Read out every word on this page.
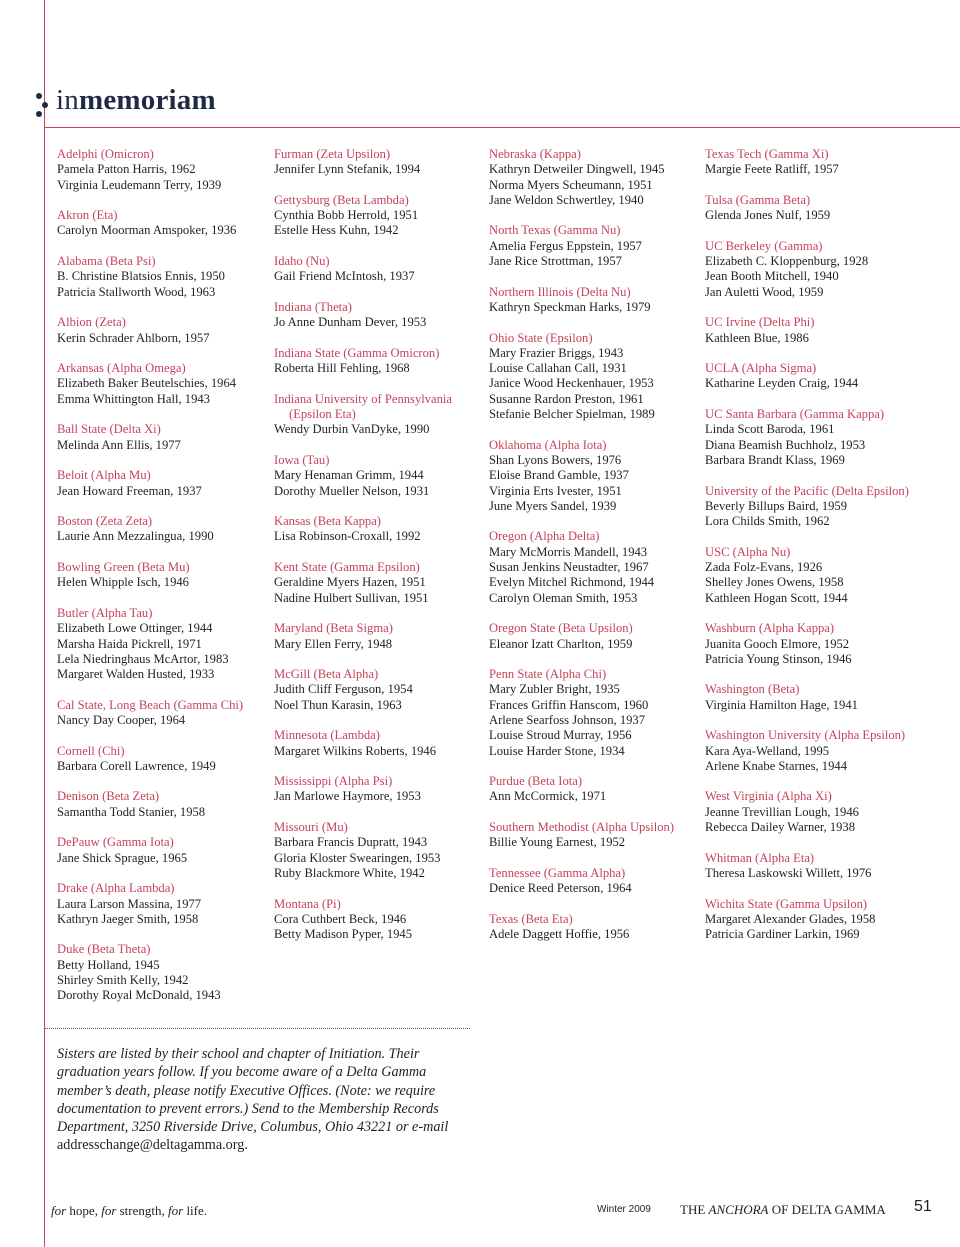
inmemoriam
Adelphi (Omicron)
Pamela Patton Harris, 1962
Virginia Leudemann Terry, 1939
Akron (Eta)
Carolyn Moorman Amspoker, 1936
Alabama (Beta Psi)
B. Christine Blatsios Ennis, 1950
Patricia Stallworth Wood, 1963
Albion (Zeta)
Kerin Schrader Ahlborn, 1957
Arkansas (Alpha Omega)
Elizabeth Baker Beutelschies, 1964
Emma Whittington Hall, 1943
Ball State (Delta Xi)
Melinda Ann Ellis, 1977
Beloit (Alpha Mu)
Jean Howard Freeman, 1937
Boston (Zeta Zeta)
Laurie Ann Mezzalingua, 1990
Bowling Green (Beta Mu)
Helen Whipple Isch, 1946
Butler (Alpha Tau)
Elizabeth Lowe Ottinger, 1944
Marsha Haida Pickrell, 1971
Lela Niedringhaus McArtor, 1983
Margaret Walden Husted, 1933
Cal State, Long Beach (Gamma Chi)
Nancy Day Cooper, 1964
Cornell (Chi)
Barbara Corell Lawrence, 1949
Denison (Beta Zeta)
Samantha Todd Stanier, 1958
DePauw (Gamma Iota)
Jane Shick Sprague, 1965
Drake (Alpha Lambda)
Laura Larson Massina, 1977
Kathryn Jaeger Smith, 1958
Duke (Beta Theta)
Betty Holland, 1945
Shirley Smith Kelly, 1942
Dorothy Royal McDonald, 1943
Furman (Zeta Upsilon)
Jennifer Lynn Stefanik, 1994
Gettysburg (Beta Lambda)
Cynthia Bobb Herrold, 1951
Estelle Hess Kuhn, 1942
Idaho (Nu)
Gail Friend McIntosh, 1937
Indiana (Theta)
Jo Anne Dunham Dever, 1953
Indiana State (Gamma Omicron)
Roberta Hill Fehling, 1968
Indiana University of Pennsylvania
(Epsilon Eta)
Wendy Durbin VanDyke, 1990
Iowa (Tau)
Mary Henaman Grimm, 1944
Dorothy Mueller Nelson, 1931
Kansas (Beta Kappa)
Lisa Robinson-Croxall, 1992
Kent State (Gamma Epsilon)
Geraldine Myers Hazen, 1951
Nadine Hulbert Sullivan, 1951
Maryland (Beta Sigma)
Mary Ellen Ferry, 1948
McGill (Beta Alpha)
Judith Cliff Ferguson, 1954
Noel Thun Karasin, 1963
Minnesota (Lambda)
Margaret Wilkins Roberts, 1946
Mississippi (Alpha Psi)
Jan Marlowe Haymore, 1953
Missouri (Mu)
Barbara Francis Dupratt, 1943
Gloria Kloster Swearingen, 1953
Ruby Blackmore White, 1942
Montana (Pi)
Cora Cuthbert Beck, 1946
Betty Madison Pyper, 1945
Nebraska (Kappa)
Kathryn Detweiler Dingwell, 1945
Norma Myers Scheumann, 1951
Jane Weldon Schwertley, 1940
North Texas (Gamma Nu)
Amelia Fergus Eppstein, 1957
Jane Rice Strottman, 1957
Northern Illinois (Delta Nu)
Kathryn Speckman Harks, 1979
Ohio State (Epsilon)
Mary Frazier Briggs, 1943
Louise Callahan Call, 1931
Janice Wood Heckenhauer, 1953
Susanne Rardon Preston, 1961
Stefanie Belcher Spielman, 1989
Oklahoma (Alpha Iota)
Shan Lyons Bowers, 1976
Eloise Brand Gamble, 1937
Virginia Erts Ivester, 1951
June Myers Sandel, 1939
Oregon (Alpha Delta)
Mary McMorris Mandell, 1943
Susan Jenkins Neustadter, 1967
Evelyn Mitchel Richmond, 1944
Carolyn Oleman Smith, 1953
Oregon State (Beta Upsilon)
Eleanor Izatt Charlton, 1959
Penn State (Alpha Chi)
Mary Zubler Bright, 1935
Frances Griffin Hanscom, 1960
Arlene Searfoss Johnson, 1937
Louise Stroud Murray, 1956
Louise Harder Stone, 1934
Purdue (Beta Iota)
Ann McCormick, 1971
Southern Methodist (Alpha Upsilon)
Billie Young Earnest, 1952
Tennessee (Gamma Alpha)
Denice Reed Peterson, 1964
Texas (Beta Eta)
Adele Daggett Hoffie, 1956
Texas Tech (Gamma Xi)
Margie Feete Ratliff, 1957
Tulsa (Gamma Beta)
Glenda Jones Nulf, 1959
UC Berkeley (Gamma)
Elizabeth C. Kloppenburg, 1928
Jean Booth Mitchell, 1940
Jan Auletti Wood, 1959
UC Irvine (Delta Phi)
Kathleen Blue, 1986
UCLA (Alpha Sigma)
Katharine Leyden Craig, 1944
UC Santa Barbara (Gamma Kappa)
Linda Scott Baroda, 1961
Diana Beamish Buchholz, 1953
Barbara Brandt Klass, 1969
University of the Pacific (Delta Epsilon)
Beverly Billups Baird, 1959
Lora Childs Smith, 1962
USC (Alpha Nu)
Zada Folz-Evans, 1926
Shelley Jones Owens, 1958
Kathleen Hogan Scott, 1944
Washburn (Alpha Kappa)
Juanita Gooch Elmore, 1952
Patricia Young Stinson, 1946
Washington (Beta)
Virginia Hamilton Hage, 1941
Washington University (Alpha Epsilon)
Kara Aya-Welland, 1995
Arlene Knabe Starnes, 1944
West Virginia (Alpha Xi)
Jeanne Trevillian Lough, 1946
Rebecca Dailey Warner, 1938
Whitman (Alpha Eta)
Theresa Laskowski Willett, 1976
Wichita State (Gamma Upsilon)
Margaret Alexander Glades, 1958
Patricia Gardiner Larkin, 1969
Sisters are listed by their school and chapter of Initiation. Their graduation years follow. If you become aware of a Delta Gamma member’s death, please notify Executive Offices. (Note: we require documentation to prevent errors.) Send to the Membership Records Department, 3250 Riverside Drive, Columbus, Ohio 43221 or e-mail addresschange@deltagamma.org.
for hope, for strength, for life.	Winter 2009 THE ANCHORA OF DELTA GAMMA 51
